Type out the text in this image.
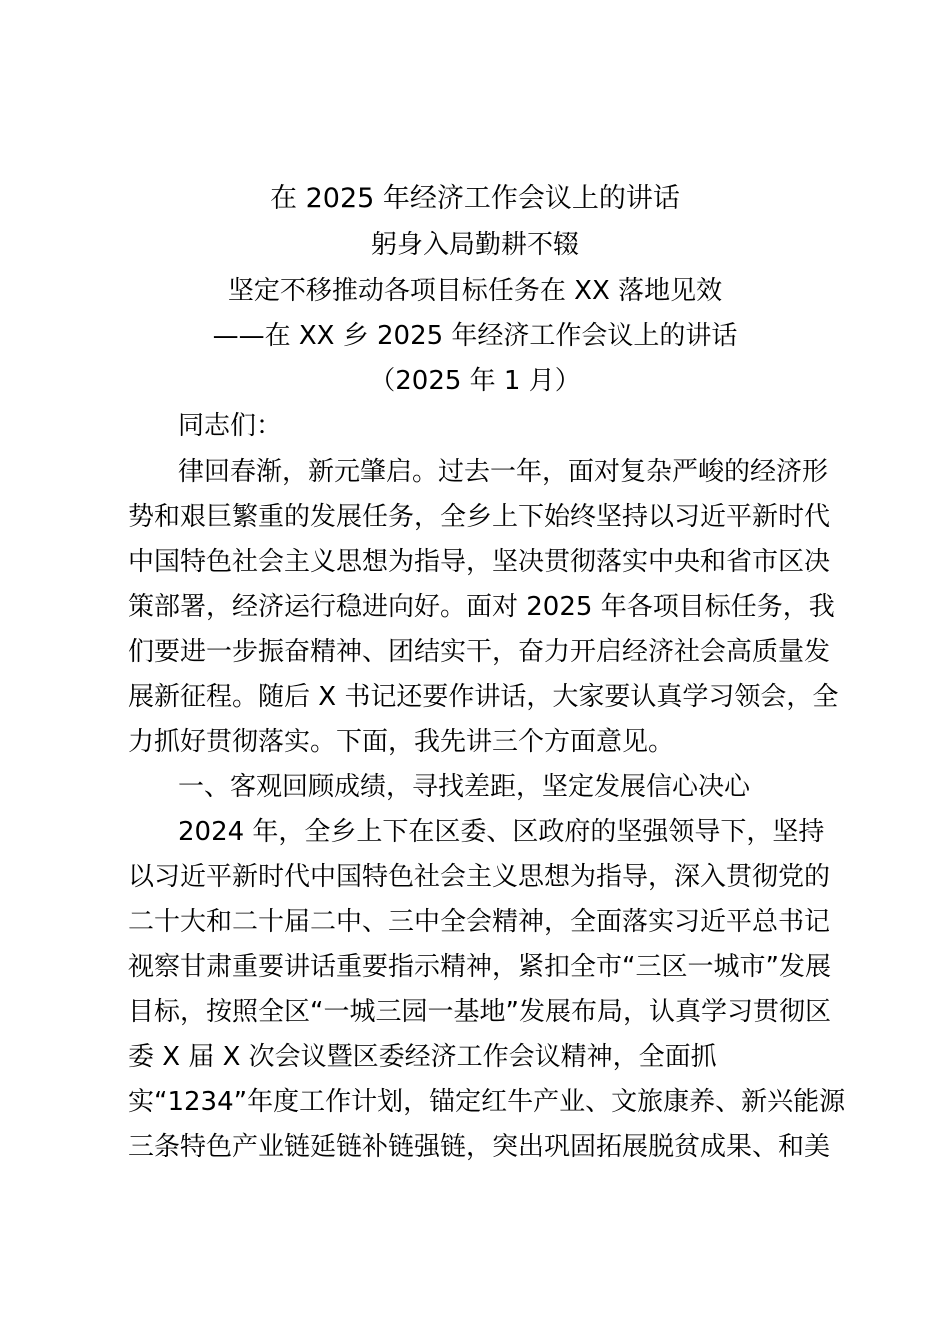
在 2025 年经济工作会议上的讲话
躬身入局勤耕不辍
坚定不移推动各项目标任务在 XX 落地见效
——在 XX 乡 2025 年经济工作会议上的讲话
（2025 年 1 月）
同志们：
律回春渐，新元肇启。过去一年，面对复杂严峻的经济形
势和艰巨繁重的发展任务，全乡上下始终坚持以习近平新时代
中国特色社会主义思想为指导，坚决贯彻落实中央和省市区决
策部署，经济运行稳进向好。面对 2025 年各项目标任务，我
们要进一步振奋精神、团结实干，奋力开启经济社会高质量发
展新征程。随后 X 书记还要作讲话，大家要认真学习领会，全
力抓好贯彻落实。下面，我先讲三个方面意见。
一、客观回顾成绩，寻找差距，坚定发展信心决心
2024 年，全乡上下在区委、区政府的坚强领导下，坚持
以习近平新时代中国特色社会主义思想为指导，深入贯彻党的
二十大和二十届二中、三中全会精神，全面落实习近平总书记
视察甘肃重要讲话重要指示精神，紧扣全市“三区一城市”发展
目标，按照全区“一城三园一基地”发展布局，认真学习贯彻区
委 X 届 X 次会议暨区委经济工作会议精神，全面抓
实“1234”年度工作计划，锚定红牛产业、文旅康养、新兴能源
三条特色产业链延链补链强链，突出巩固拓展脱贫成果、和美
